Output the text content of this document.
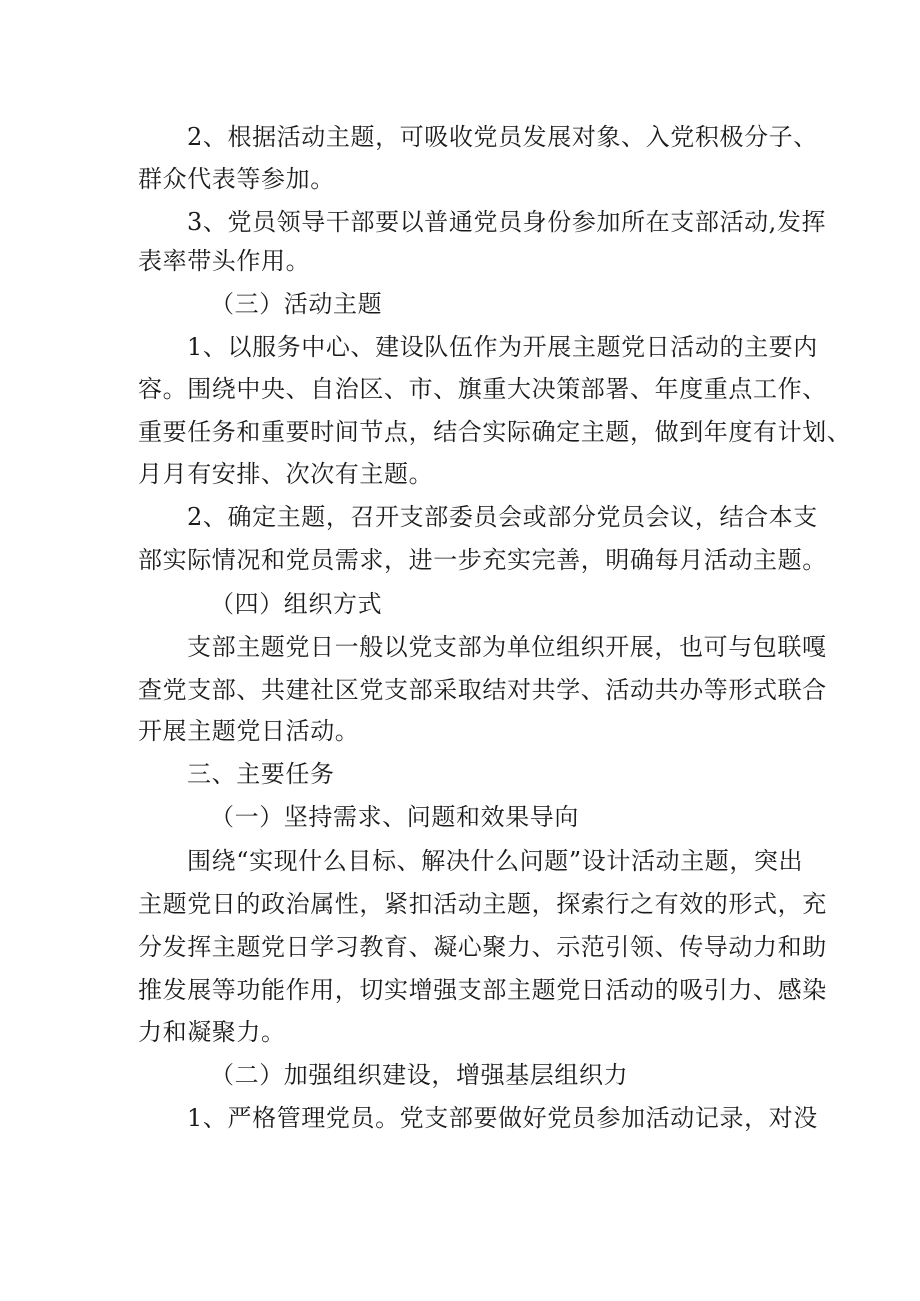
2、根据活动主题，可吸收党员发展对象、入党积极分子、
群众代表等参加。
3、党员领导干部要以普通党员身份参加所在支部活动,发挥
表率带头作用。
（三）活动主题
1、以服务中心、建设队伍作为开展主题党日活动的主要内
容。围绕中央、自治区、市、旗重大决策部署、年度重点工作、
重要任务和重要时间节点，结合实际确定主题，做到年度有计划、
月月有安排、次次有主题。
2、确定主题，召开支部委员会或部分党员会议，结合本支
部实际情况和党员需求，进一步充实完善，明确每月活动主题。
（四）组织方式
支部主题党日一般以党支部为单位组织开展，也可与包联嘎
查党支部、共建社区党支部采取结对共学、活动共办等形式联合
开展主题党日活动。
三、主要任务
（一）坚持需求、问题和效果导向
围绕“实现什么目标、解决什么问题”设计活动主题，突出
主题党日的政治属性，紧扣活动主题，探索行之有效的形式，充
分发挥主题党日学习教育、凝心聚力、示范引领、传导动力和助
推发展等功能作用，切实增强支部主题党日活动的吸引力、感染
力和凝聚力。
（二）加强组织建设，增强基层组织力
1、严格管理党员。党支部要做好党员参加活动记录，对没
